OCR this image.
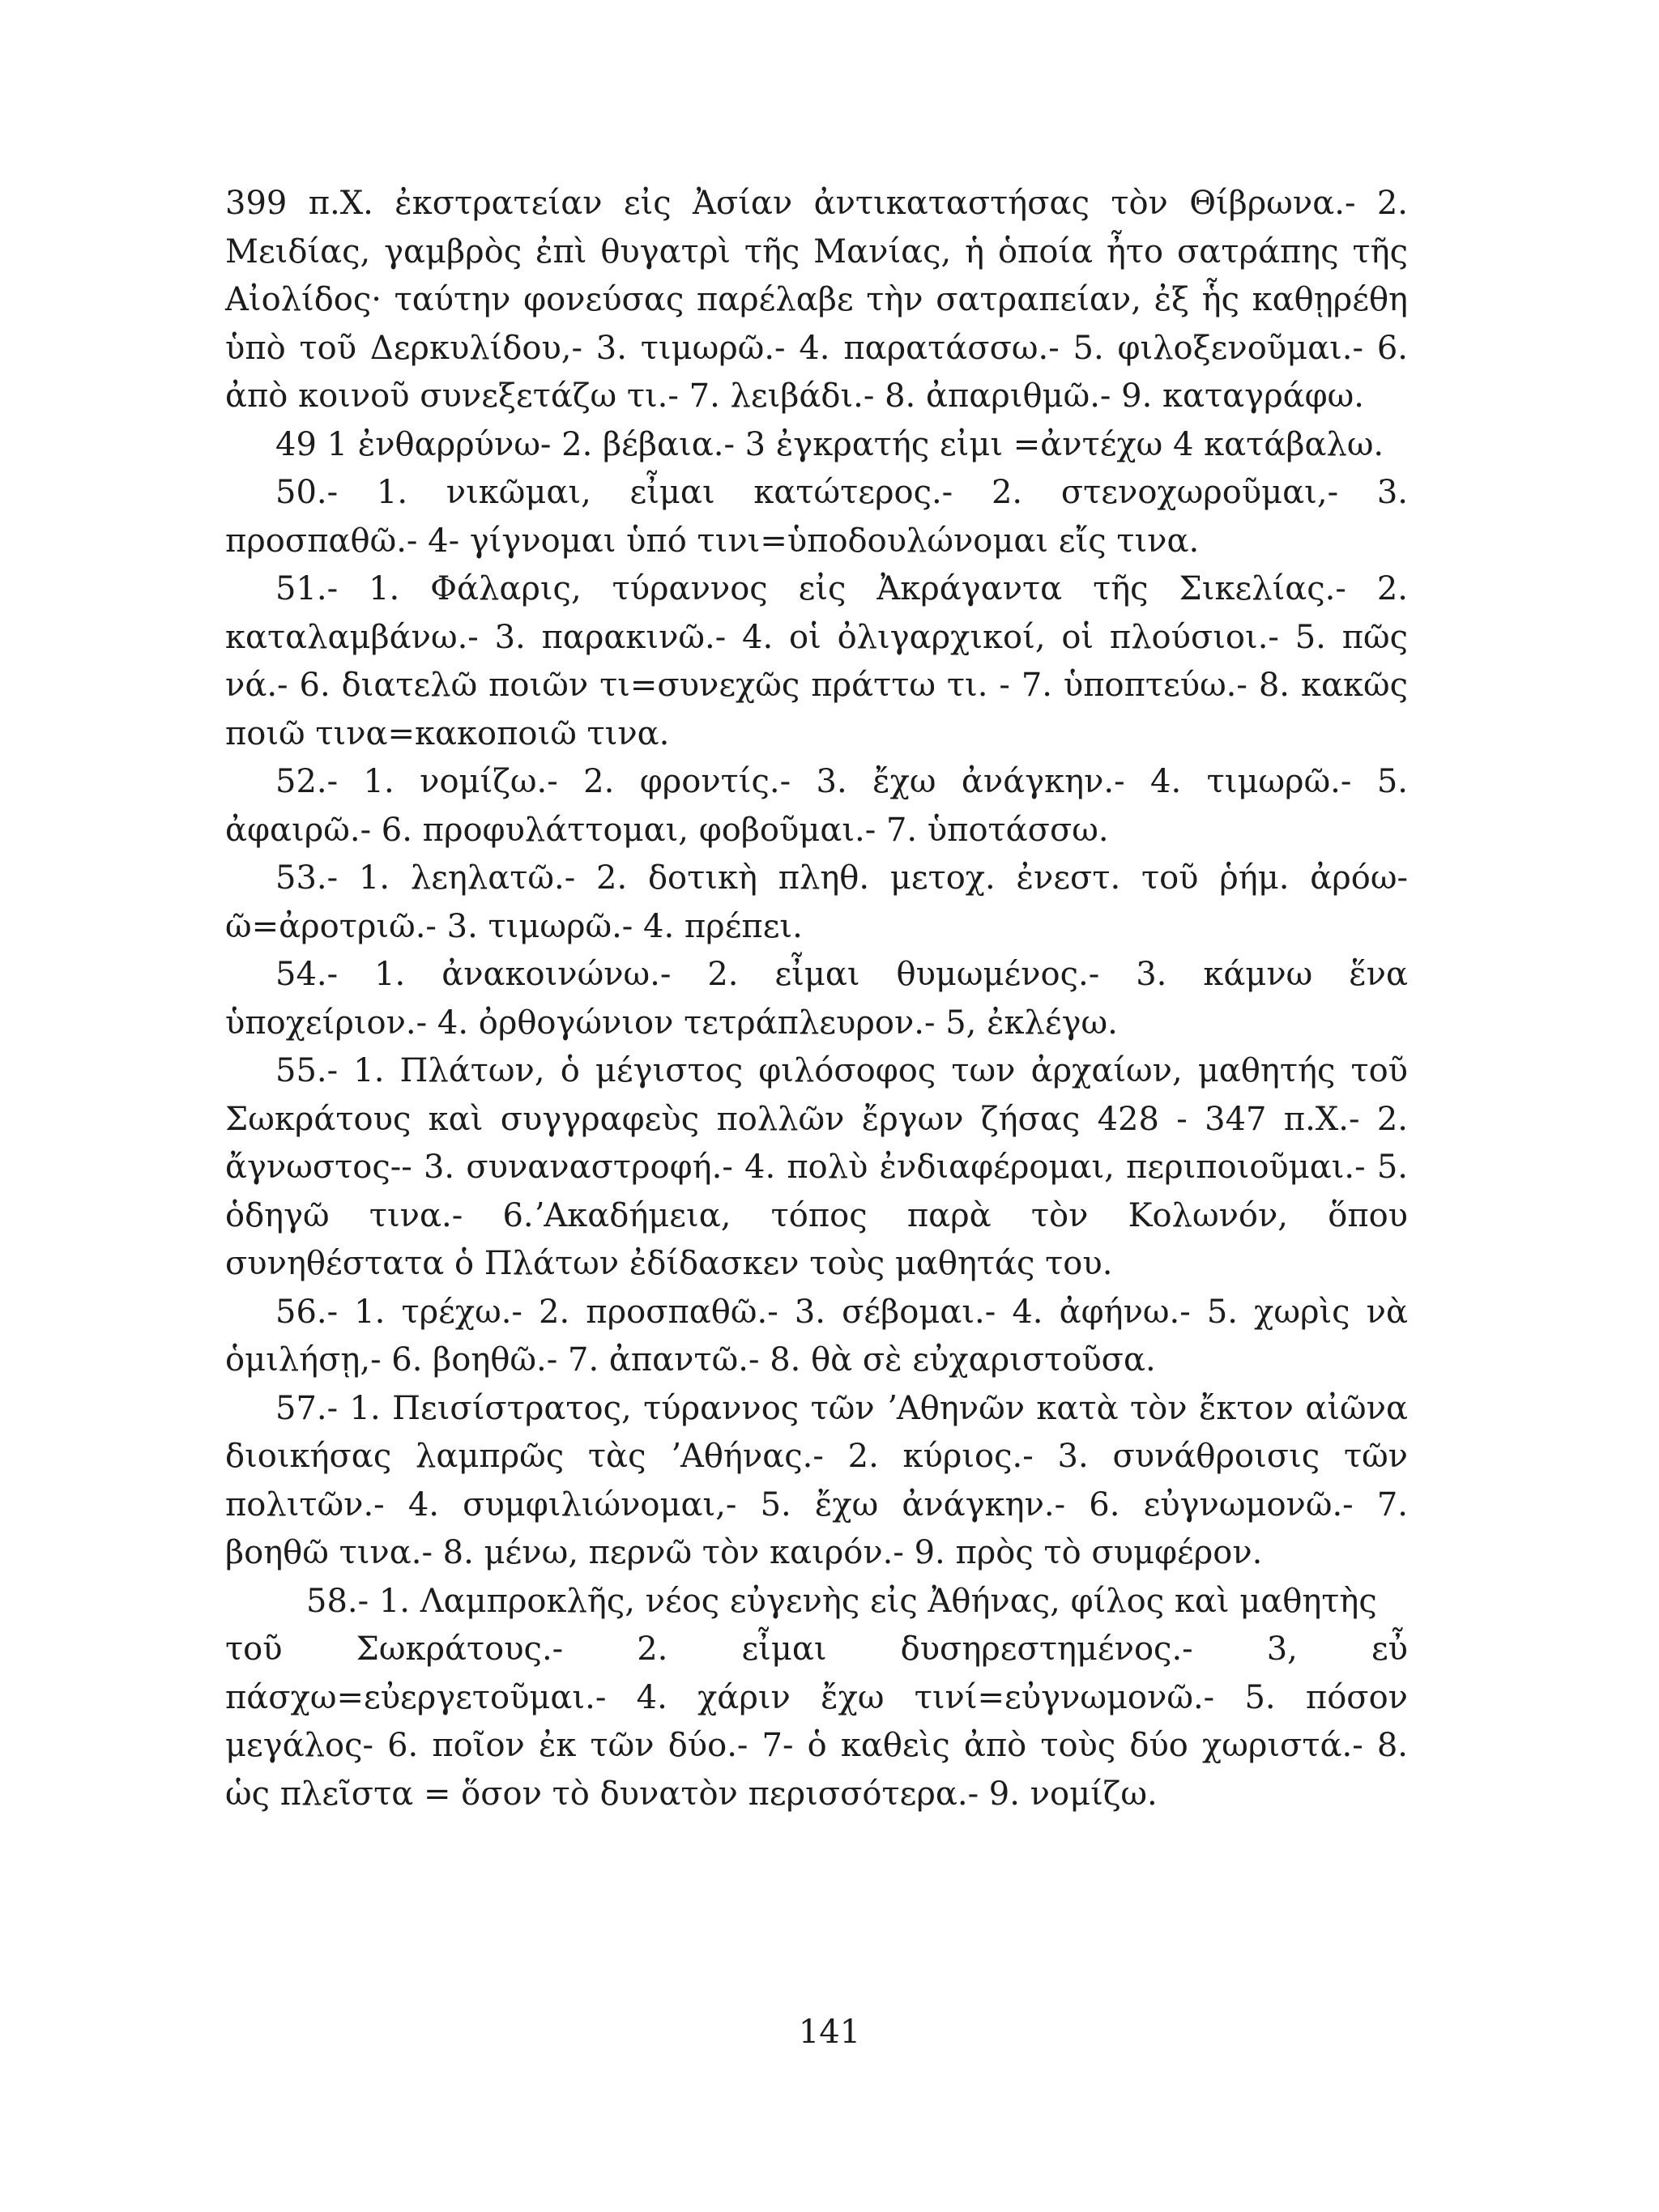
399 π.Χ. ἐκστρατείαν εἰς Ἀσίαν ἀντικαταστήσας τὸν Θίβρωνα.- 2. Μειδίας, γαμβρὸς ἐπὶ θυγατρὶ τῆς Μανίας, ἡ ὁποία ἦτο σατράπης τῆς Αἰολίδος· ταύτην φονεύσας παρέλαβε τὴν σατραπείαν, ἐξ ἧς καθῃρέθη ὑπὸ τοῦ Δερκυλίδου,- 3. τιμωρῶ.- 4. παρατάσσω.- 5. φιλοξενοῦμαι.- 6. ἀπὸ κοινοῦ συνεξετάζω τι.- 7. λειβάδι.- 8. ἀπαριθμῶ.- 9. καταγράφω.

49 1 ἐνθαρρύνω- 2. βέβαια.- 3 ἐγκρατής εἰμι =ἀντέχω 4 κατάβαλω.

50.- 1. νικῶμαι, εἶμαι κατώτερος.- 2. στενοχωροῦμαι,- 3. προσπαθῶ.- 4- γίγνομαι ὑπό τινι=ὑποδουλώνομαι εἴς τινα.

51.- 1. Φάλαρις, τύραννος εἰς Ἀκράγαντα τῆς Σικελίας.- 2. καταλαμβάνω.- 3. παρακινῶ.- 4. οἱ ὀλιγαρχικοί, οἱ πλούσιοι.- 5. πῶς νά.- 6. διατελῶ ποιῶν τι=συνεχῶς πράττω τι. - 7. ὑποπτεύω.- 8. κακῶς ποιῶ τινα=κακοποιῶ τινα.

52.- 1. νομίζω.- 2. φροντίς.- 3. ἔχω ἀνάγκην.- 4. τιμωρῶ.- 5. ἀφαιρῶ.- 6. προφυλάττομαι, φοβοῦμαι.- 7. ὑποτάσσω.

53.- 1. λεηλατῶ.- 2. δοτικὴ πληθ. μετοχ. ἐνεστ. τοῦ ῥήμ. ἀρόω-ῶ=ἀροτριῶ.- 3. τιμωρῶ.- 4. πρέπει.

54.- 1. ἀνακοινώνω.- 2. εἶμαι θυμωμένος.- 3. κάμνω ἕνα ὑποχείριον.- 4. ὀρθογώνιον τετράπλευρον.- 5, ἐκλέγω.

55.- 1. Πλάτων, ὁ μέγιστος φιλόσοφος των ἀρχαίων, μαθητής τοῦ Σωκράτους καὶ συγγραφεὺς πολλῶν ἔργων ζήσας 428 - 347 π.Χ.- 2. ἄγνωστος-- 3. συναναστροφή.- 4. πολὺ ἐνδιαφέρομαι, περιποιοῦμαι.- 5. ὁδηγῶ τινα.- 6.ʼΑκαδήμεια, τόπος παρὰ τὸν Κολωνόν, ὅπου συνηθέστατα ὁ Πλάτων ἐδίδασκεν τοὺς μαθητάς του.

56.- 1. τρέχω.- 2. προσπαθῶ.- 3. σέβομαι.- 4. ἀφήνω.- 5. χωρὶς νὰ ὁμιλήσῃ,- 6. βοηθῶ.- 7. ἀπαντῶ.- 8. θὰ σὲ εὐχαριστοῦσα.

57.- 1. Πεισίστρατος, τύραννος τῶν ʼΑθηνῶν κατὰ τὸν ἔκτον αἰῶνα διοικήσας λαμπρῶς τὰς ʼΑθήνας.- 2. κύριος.- 3. συνάθροισις τῶν πολιτῶν.- 4. συμφιλιώνομαι,- 5. ἔχω ἀνάγκην.- 6. εὐγνωμονῶ.- 7. βοηθῶ τινα.- 8. μένω, περνῶ τὸν καιρόν.- 9. πρὸς τὸ συμφέρον.

58.- 1. Λαμπροκλῆς, νέος εὐγενὴς εἰς Ἀθήνας, φίλος καὶ μαθητὴς

τοῦ Σωκράτους.- 2. εἶμαι δυσηρεστημένος.- 3, εὖ πάσχω=εὐεργετοῦμαι.- 4. χάριν ἔχω τινί=εὐγνωμονῶ.- 5. πόσον μεγάλος- 6. ποῖον ἐκ τῶν δύο.- 7- ὁ καθεὶς ἀπὸ τοὺς δύο χωριστά.- 8. ὡς πλεῖστα = ὅσον τὸ δυνατὸν περισσότερα.- 9. νομίζω.

141
